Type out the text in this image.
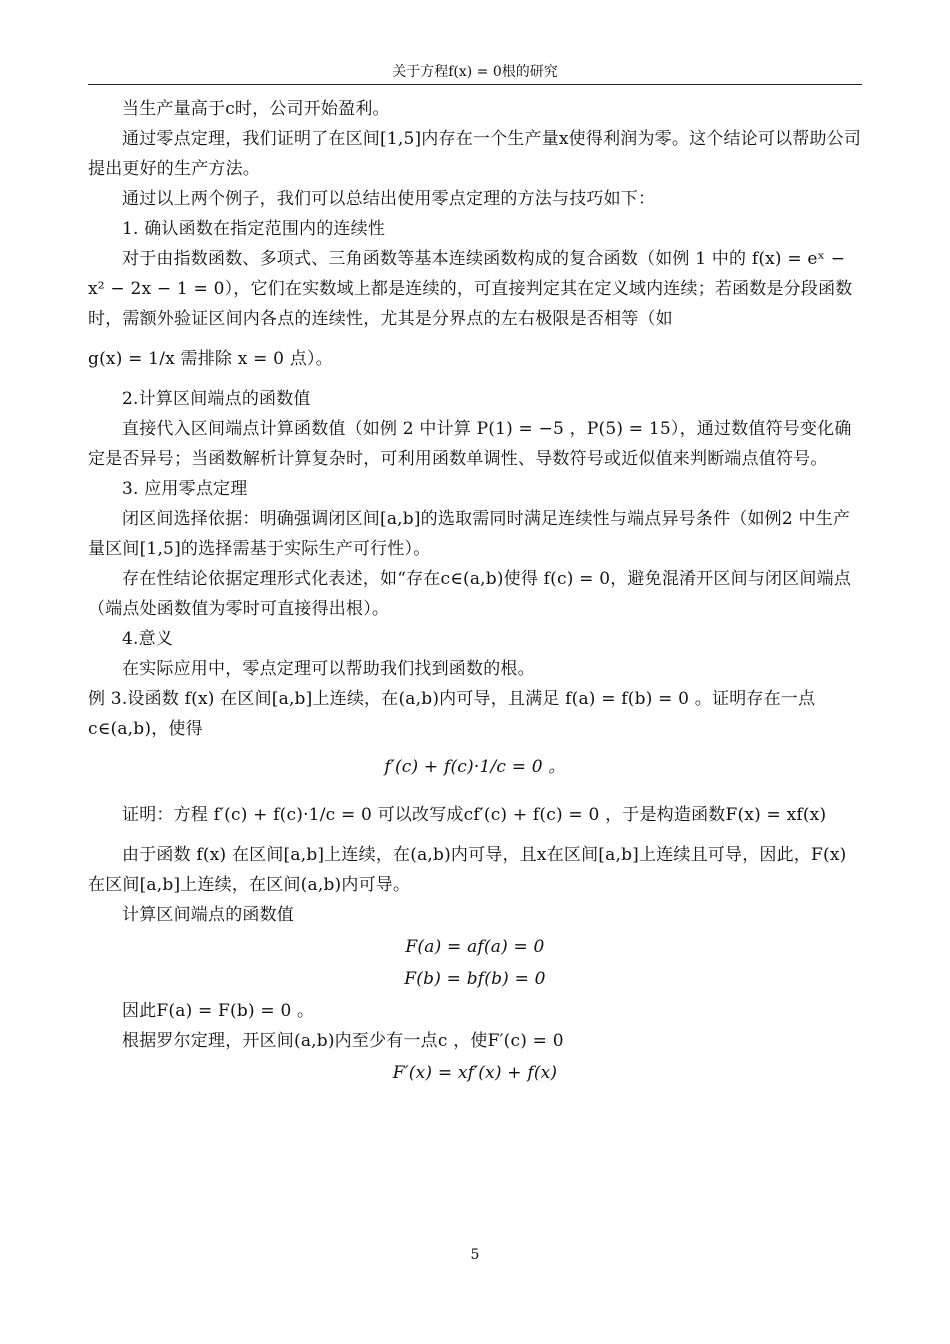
关于方程f(x) = 0根的研究

当生产量高于c时，公司开始盈利。

通过零点定理，我们证明了在区间[1,5]内存在一个生产量x使得利润为零。这个结论可以帮助公司提出更好的生产方法。

通过以上两个例子，我们可以总结出使用零点定理的方法与技巧如下：

1. 确认函数在指定范围内的连续性

对于由指数函数、多项式、三角函数等基本连续函数构成的复合函数（如例 1 中的 f(x) = eˣ − x² − 2x − 1 = 0），它们在实数域上都是连续的，可直接判定其在定义域内连续；若函数是分段函数时，需额外验证区间内各点的连续性，尤其是分界点的左右极限是否相等（如

g(x) = 1/x 需排除 x = 0 点）。

2.计算区间端点的函数值

直接代入区间端点计算函数值（如例 2 中计算 P(1) = −5 ，P(5) = 15），通过数值符号变化确定是否异号；当函数解析计算复杂时，可利用函数单调性、导数符号或近似值来判断端点值符号。

3. 应用零点定理

闭区间选择依据：明确强调闭区间[a,b]的选取需同时满足连续性与端点异号条件（如例2 中生产量区间[1,5]的选择需基于实际生产可行性）。

存在性结论依据定理形式化表述，如“存在c∈(a,b)使得 f(c) = 0，避免混淆开区间与闭区间端点（端点处函数值为零时可直接得出根）。

4.意义

在实际应用中，零点定理可以帮助我们找到函数的根。

例 3.设函数 f(x) 在区间[a,b]上连续，在(a,b)内可导，且满足 f(a) = f(b) = 0 。证明存在一点c∈(a,b)，使得

f′(c) + f(c)·1/c = 0 。

证明：方程 f′(c) + f(c)·1/c = 0 可以改写成cf′(c) + f(c) = 0 ，于是构造函数F(x) = xf(x)

由于函数 f(x) 在区间[a,b]上连续，在(a,b)内可导，且x在区间[a,b]上连续且可导，因此，F(x) 在区间[a,b]上连续，在区间(a,b)内可导。

计算区间端点的函数值

F(a) = af(a) = 0
F(b) = bf(b) = 0

因此F(a) = F(b) = 0 。

根据罗尔定理，开区间(a,b)内至少有一点c ，使F′(c) = 0

F′(x) = xf′(x) + f(x)
5
